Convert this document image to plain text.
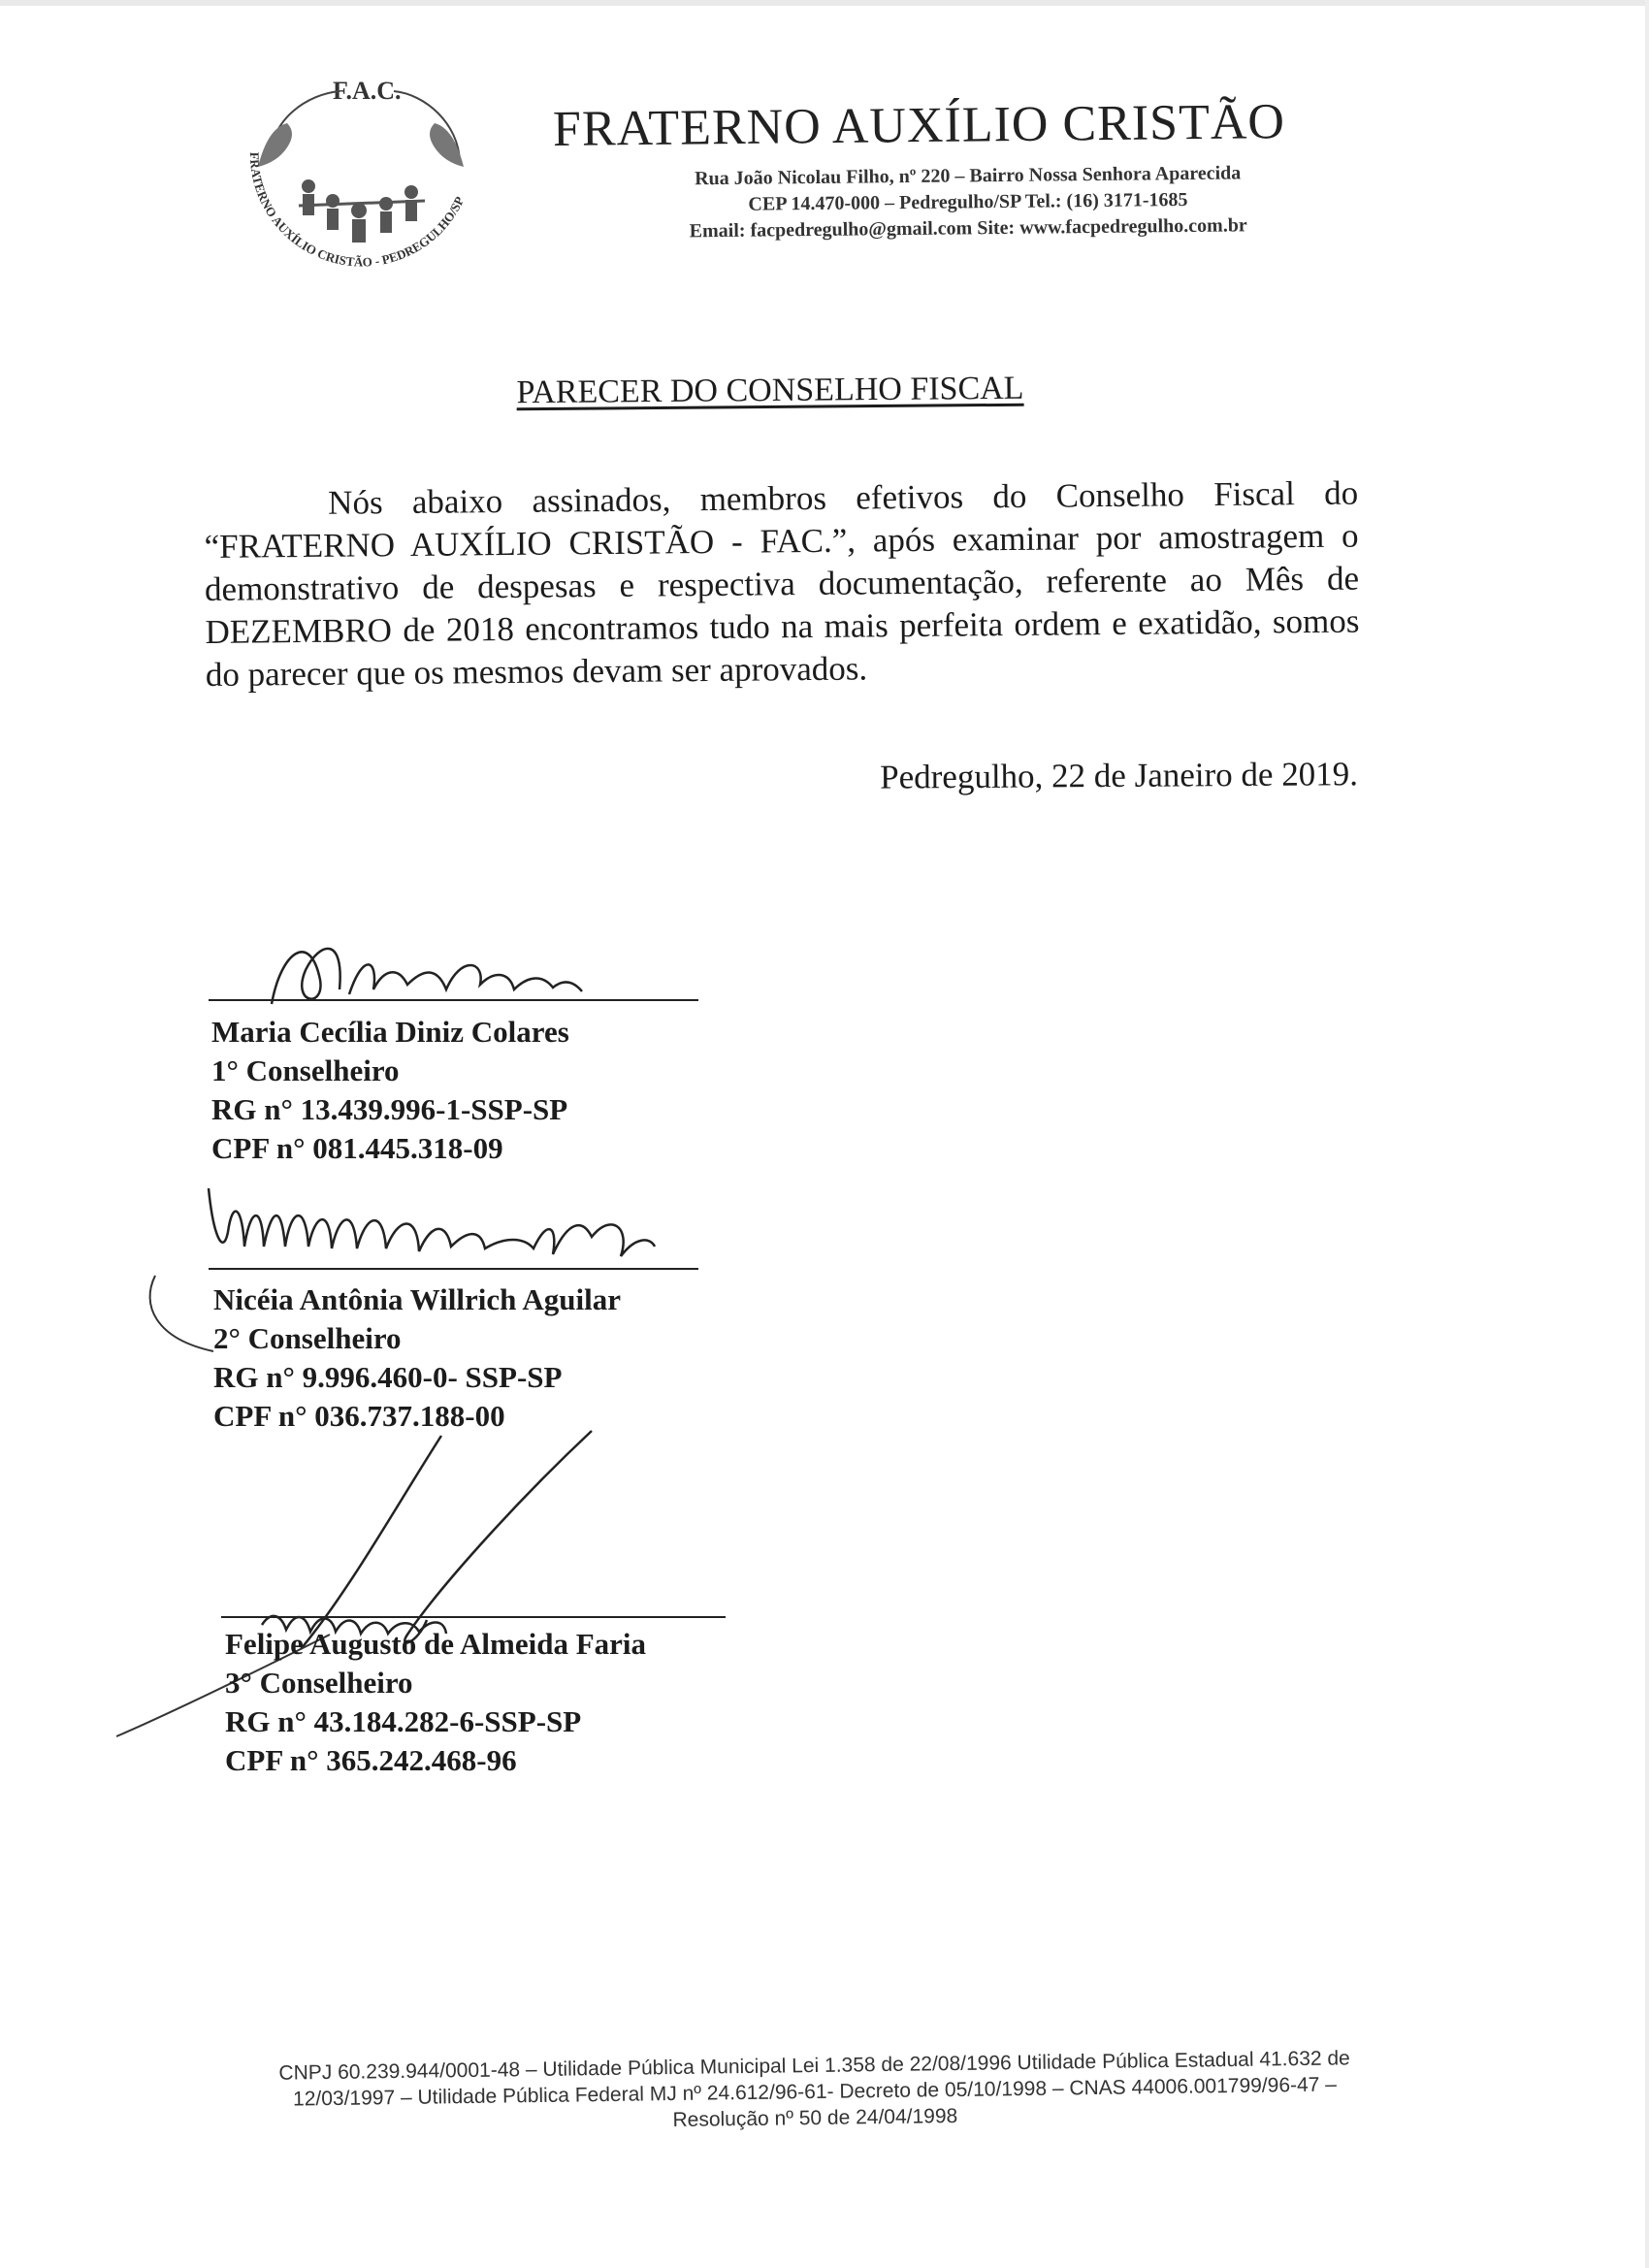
F.A.C.
FRATERNO AUXÍLIO CRISTÃO - PEDREGULHO/SP
FRATERNO AUXÍLIO CRISTÃO
Rua João Nicolau Filho, nº 220 – Bairro Nossa Senhora Aparecida
CEP 14.470-000 – Pedregulho/SP Tel.: (16) 3171-1685
Email: facpedregulho@gmail.com Site: www.facpedregulho.com.br
PARECER DO CONSELHO FISCAL

Nós abaixo assinados, membros efetivos do Conselho Fiscal do “FRATERNO AUXÍLIO CRISTÃO - FAC.”, após examinar por amostragem o demonstrativo de despesas e respectiva documentação, referente ao Mês de DEZEMBRO de 2018 encontramos tudo na mais perfeita ordem e exatidão, somos do parecer que os mesmos devam ser aprovados.

Pedregulho, 22 de Janeiro de 2019.
Maria Cecília Diniz Colares
1° Conselheiro
RG n° 13.439.996-1-SSP-SP
CPF n° 081.445.318-09
Nicéia Antônia Willrich Aguilar
2° Conselheiro
RG n° 9.996.460-0- SSP-SP
CPF n° 036.737.188-00
Felipe Augusto de Almeida Faria
3° Conselheiro
RG n° 43.184.282-6-SSP-SP
CPF n° 365.242.468-96
CNPJ 60.239.944/0001-48 – Utilidade Pública Municipal Lei 1.358 de 22/08/1996 Utilidade Pública Estadual 41.632 de
12/03/1997 – Utilidade Pública Federal MJ nº 24.612/96-61- Decreto de 05/10/1998 – CNAS 44006.001799/96-47 –
Resolução nº 50 de 24/04/1998
